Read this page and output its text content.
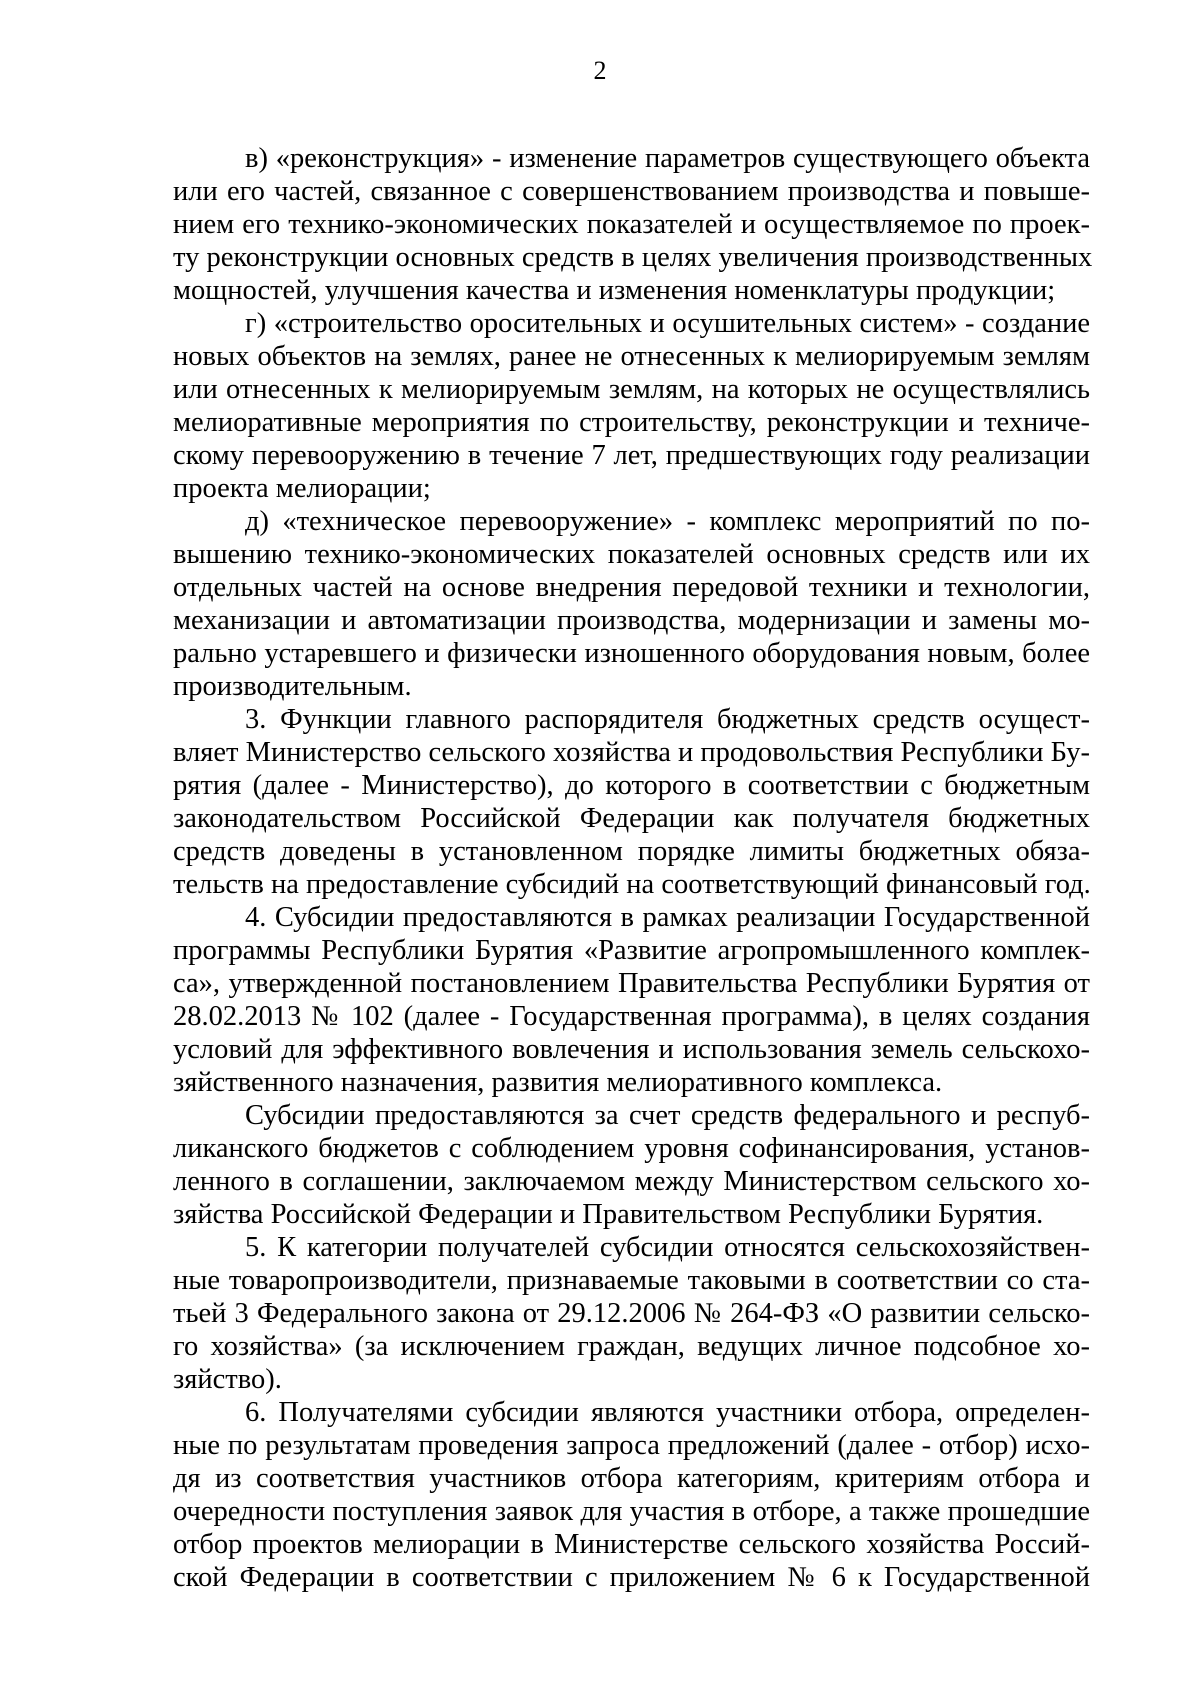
2
в) «реконструкция» - изменение параметров существующего объекта
или его частей, связанное с совершенствованием производства и повыше-
нием его технико-экономических показателей и осуществляемое по проек-
ту реконструкции основных средств в целях увеличения производственных
мощностей, улучшения качества и изменения номенклатуры продукции;
г) «строительство оросительных и осушительных систем» - создание
новых объектов на землях, ранее не отнесенных к мелиорируемым землям
или отнесенных к мелиорируемым землям, на которых не осуществлялись
мелиоративные мероприятия по строительству, реконструкции и техниче-
скому перевооружению в течение 7 лет, предшествующих году реализации
проекта мелиорации;
д) «техническое перевооружение» - комплекс мероприятий по по-
вышению технико-экономических показателей основных средств или их
отдельных частей на основе внедрения передовой техники и технологии,
механизации и автоматизации производства, модернизации и замены мо-
рально устаревшего и физически изношенного оборудования новым, более
производительным.
3. Функции главного распорядителя бюджетных средств осущест-
вляет Министерство сельского хозяйства и продовольствия Республики Бу-
рятия (далее - Министерство), до которого в соответствии с бюджетным
законодательством Российской Федерации как получателя бюджетных
средств доведены в установленном порядке лимиты бюджетных обяза-
тельств на предоставление субсидий на соответствующий финансовый год.
4. Субсидии предоставляются в рамках реализации Государственной
программы Республики Бурятия «Развитие агропромышленного комплек-
са», утвержденной постановлением Правительства Республики Бурятия от
28.02.2013 № 102 (далее - Государственная программа), в целях создания
условий для эффективного вовлечения и использования земель сельскохо-
зяйственного назначения, развития мелиоративного комплекса.
Субсидии предоставляются за счет средств федерального и респуб-
ликанского бюджетов с соблюдением уровня софинансирования, установ-
ленного в соглашении, заключаемом между Министерством сельского хо-
зяйства Российской Федерации и Правительством Республики Бурятия.
5. К категории получателей субсидии относятся сельскохозяйствен-
ные товаропроизводители, признаваемые таковыми в соответствии со ста-
тьей 3 Федерального закона от 29.12.2006 № 264-ФЗ «О развитии сельско-
го хозяйства» (за исключением граждан, ведущих личное подсобное хо-
зяйство).
6. Получателями субсидии являются участники отбора, определен-
ные по результатам проведения запроса предложений (далее - отбор) исхо-
дя из соответствия участников отбора категориям, критериям отбора и
очередности поступления заявок для участия в отборе, а также прошедшие
отбор проектов мелиорации в Министерстве сельского хозяйства Россий-
ской Федерации в соответствии с приложением № 6 к Государственной
